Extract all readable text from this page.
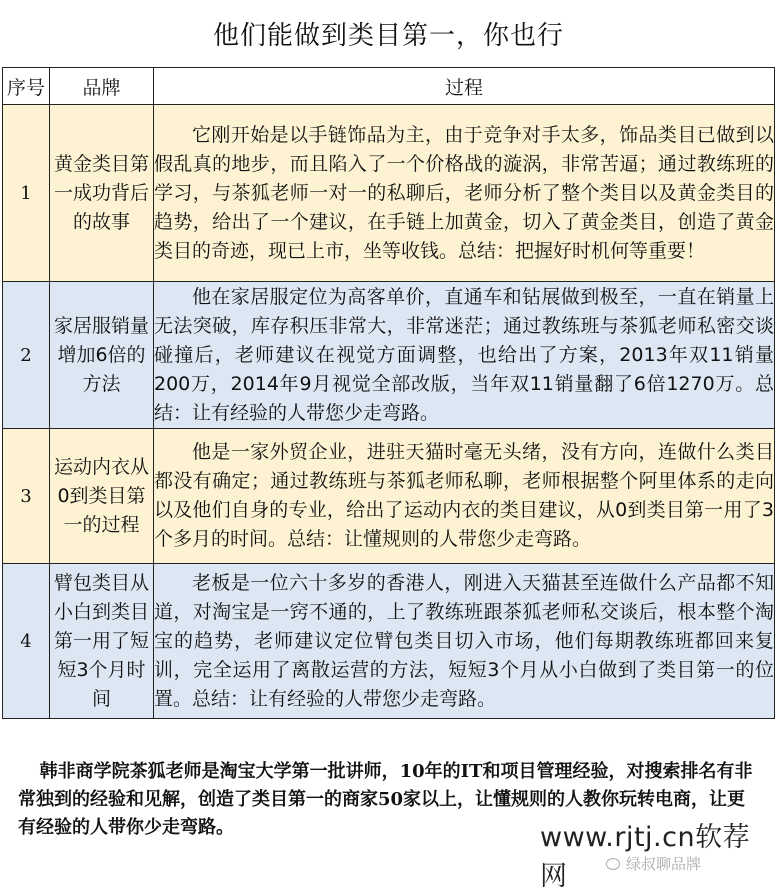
他们能做到类目第一，你也行
序号	品牌	过程
1	黄金类目第一成功背后的故事	它刚开始是以手链饰品为主，由于竞争对手太多，饰品类目已做到以假乱真的地步，而且陷入了一个价格战的漩涡，非常苦逼；通过教练班的学习，与茶狐老师一对一的私聊后，老师分析了整个类目以及黄金类目的趋势，给出了一个建议，在手链上加黄金，切入了黄金类目，创造了黄金类目的奇迹，现已上市，坐等收钱。总结：把握好时机何等重要！

2	家居服销量增加6倍的方法	他在家居服定位为高客单价，直通车和钻展做到极至，一直在销量上无法突破，库存积压非常大，非常迷茫；通过教练班与茶狐老师私密交谈碰撞后，老师建议在视觉方面调整，也给出了方案，2013年双11销量200万，2014年9月视觉全部改版，当年双11销量翻了6倍1270万。总结：让有经验的人带您少走弯路。

3	运动内衣从0到类目第一的过程	他是一家外贸企业，进驻天猫时毫无头绪，没有方向，连做什么类目都没有确定；通过教练班与茶狐老师私聊，老师根据整个阿里体系的走向以及他们自身的专业，给出了运动内衣的类目建议，从0到类目第一用了3个多月的时间。总结：让懂规则的人带您少走弯路。

4	臂包类目从小白到类目第一用了短短3个月时间	老板是一位六十多岁的香港人，刚进入天猫甚至连做什么产品都不知道，对淘宝是一窍不通的，上了教练班跟茶狐老师私交谈后，根本整个淘宝的趋势，老师建议定位臂包类目切入市场，他们每期教练班都回来复训，完全运用了离散运营的方法，短短3个月从小白做到了类目第一的位置。总结：让有经验的人带您少走弯路。
韩非商学院茶狐老师是淘宝大学第一批讲师，10年的IT和项目管理经验，对搜索排名有非常独到的经验和见解，创造了类目第一的商家50家以上，让懂规则的人教你玩转电商，让更有经验的人带你少走弯路。	www.rjtj.cn软荐网	绿叔聊品牌
